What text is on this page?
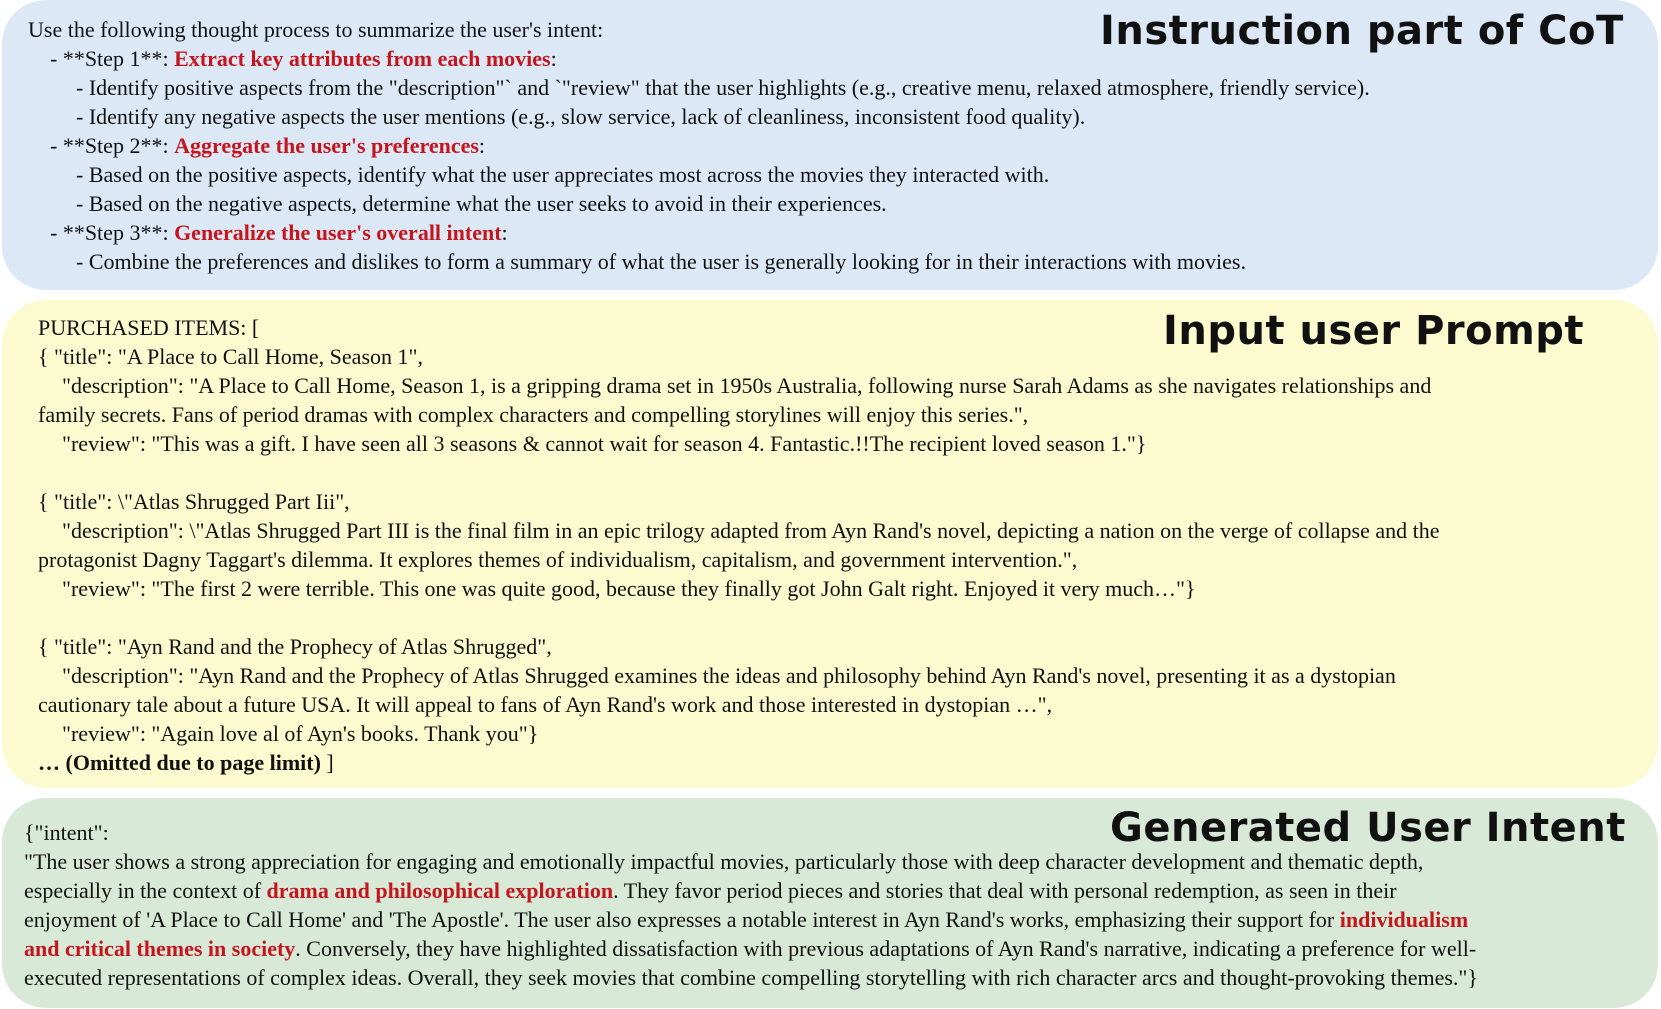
Instruction part of CoT
Use the following thought process to summarize the user's intent:
- **Step 1**: Extract key attributes from each movies:
- Identify positive aspects from the "description"` and `"review" that the user highlights (e.g., creative menu, relaxed atmosphere, friendly service).
- Identify any negative aspects the user mentions (e.g., slow service, lack of cleanliness, inconsistent food quality).
- **Step 2**: Aggregate the user's preferences:
- Based on the positive aspects, identify what the user appreciates most across the movies they interacted with.
- Based on the negative aspects, determine what the user seeks to avoid in their experiences.
- **Step 3**: Generalize the user's overall intent:
- Combine the preferences and dislikes to form a summary of what the user is generally looking for in their interactions with movies.
Input user Prompt
PURCHASED ITEMS: [
{ "title": "A Place to Call Home, Season 1",
"description": "A Place to Call Home, Season 1, is a gripping drama set in 1950s Australia, following nurse Sarah Adams as she navigates relationships and
family secrets. Fans of period dramas with complex characters and compelling storylines will enjoy this series.",
"review": "This was a gift. I have seen all 3 seasons & cannot wait for season 4. Fantastic.!!The recipient loved season 1."}
{ "title": \"Atlas Shrugged Part Iii",
"description": \"Atlas Shrugged Part III is the final film in an epic trilogy adapted from Ayn Rand's novel, depicting a nation on the verge of collapse and the
protagonist Dagny Taggart's dilemma. It explores themes of individualism, capitalism, and government intervention.",
"review": "The first 2 were terrible. This one was quite good, because they finally got John Galt right. Enjoyed it very much…"}
{ "title": "Ayn Rand and the Prophecy of Atlas Shrugged",
"description": "Ayn Rand and the Prophecy of Atlas Shrugged examines the ideas and philosophy behind Ayn Rand's novel, presenting it as a dystopian
cautionary tale about a future USA. It will appeal to fans of Ayn Rand's work and those interested in dystopian …",
"review": "Again love al of Ayn's books. Thank you"}
… (Omitted due to page limit) ]
Generated User Intent
{"intent":
"The user shows a strong appreciation for engaging and emotionally impactful movies, particularly those with deep character development and thematic depth,
especially in the context of drama and philosophical exploration. They favor period pieces and stories that deal with personal redemption, as seen in their
enjoyment of 'A Place to Call Home' and 'The Apostle'. The user also expresses a notable interest in Ayn Rand's works, emphasizing their support for individualism
and critical themes in society. Conversely, they have highlighted dissatisfaction with previous adaptations of Ayn Rand's narrative, indicating a preference for well-
executed representations of complex ideas. Overall, they seek movies that combine compelling storytelling with rich character arcs and thought-provoking themes."}
